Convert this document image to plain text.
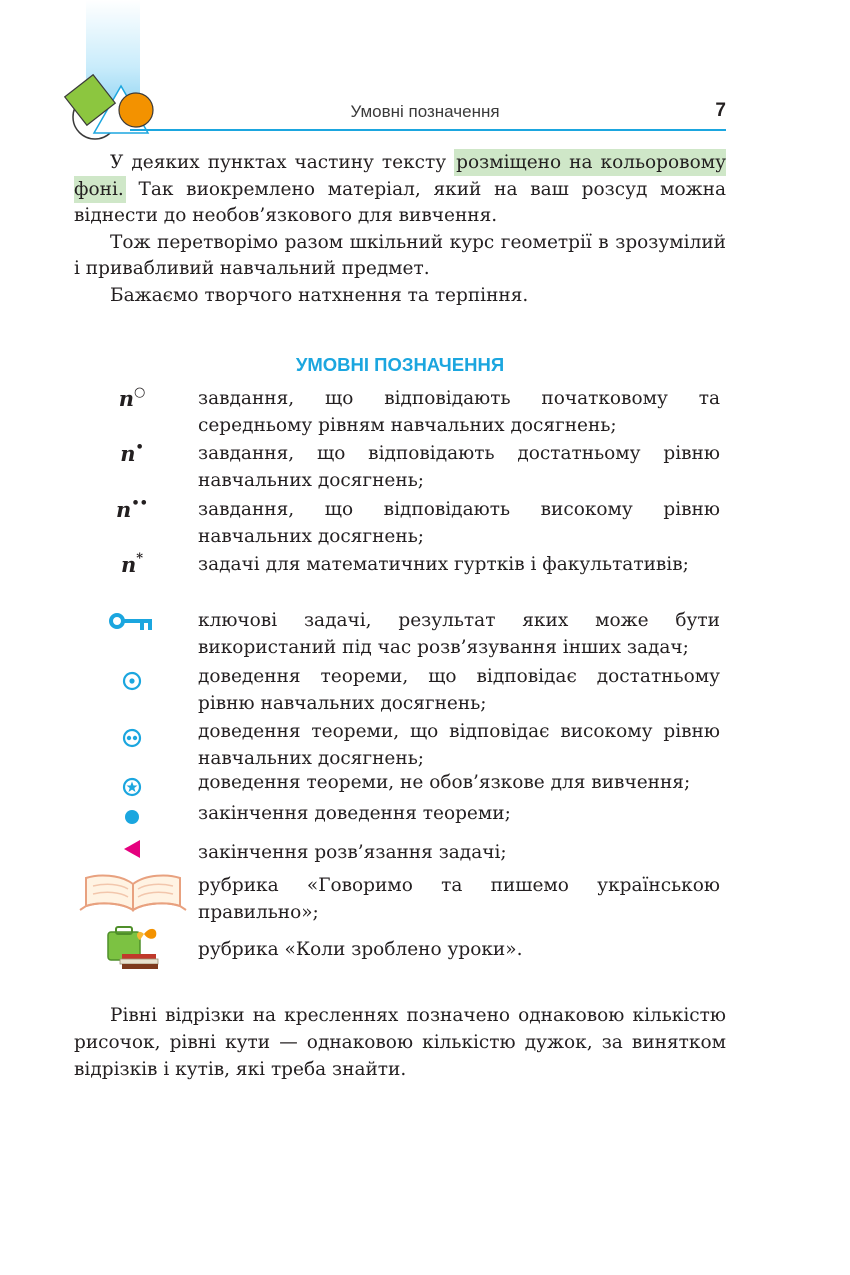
Умовні позначення	7

У деяких пунктах частину тексту розміщено на кольоровому фоні. Так виокремлено матеріал, який на ваш розсуд можна віднести до необов’язкового для вивчення.

Тож перетворімо разом шкільний курс геометрії в зрозумілий і привабливий навчальний предмет.

Бажаємо творчого натхнення та терпіння.

УМОВНІ ПОЗНАЧЕННЯ
n○	завдання, що відповідають початковому та середньому рівням навчальних досягнень;
n•	завдання, що відповідають достатньому рівню навчальних досягнень;
n••	завдання, що відповідають високому рівню навчальних досягнень;
n*	задачі для математичних гуртків і факультативів;
ключові задачі, результат яких може бути використаний під час розв’язування інших задач;
доведення теореми, що відповідає достатньому рівню навчальних досягнень;
доведення теореми, що відповідає високому рівню навчальних досягнень;
доведення теореми, не обов’язкове для вивчення;
закінчення доведення теореми;
закінчення розв’язання задачі;
рубрика «Говоримо та пишемо українською правильно»;
рубрика «Коли зроблено уроки».
Рівні відрізки на кресленнях позначено однаковою кількістю рисочок, рівні кути — однаковою кількістю дужок, за винятком відрізків і кутів, які треба знайти.
